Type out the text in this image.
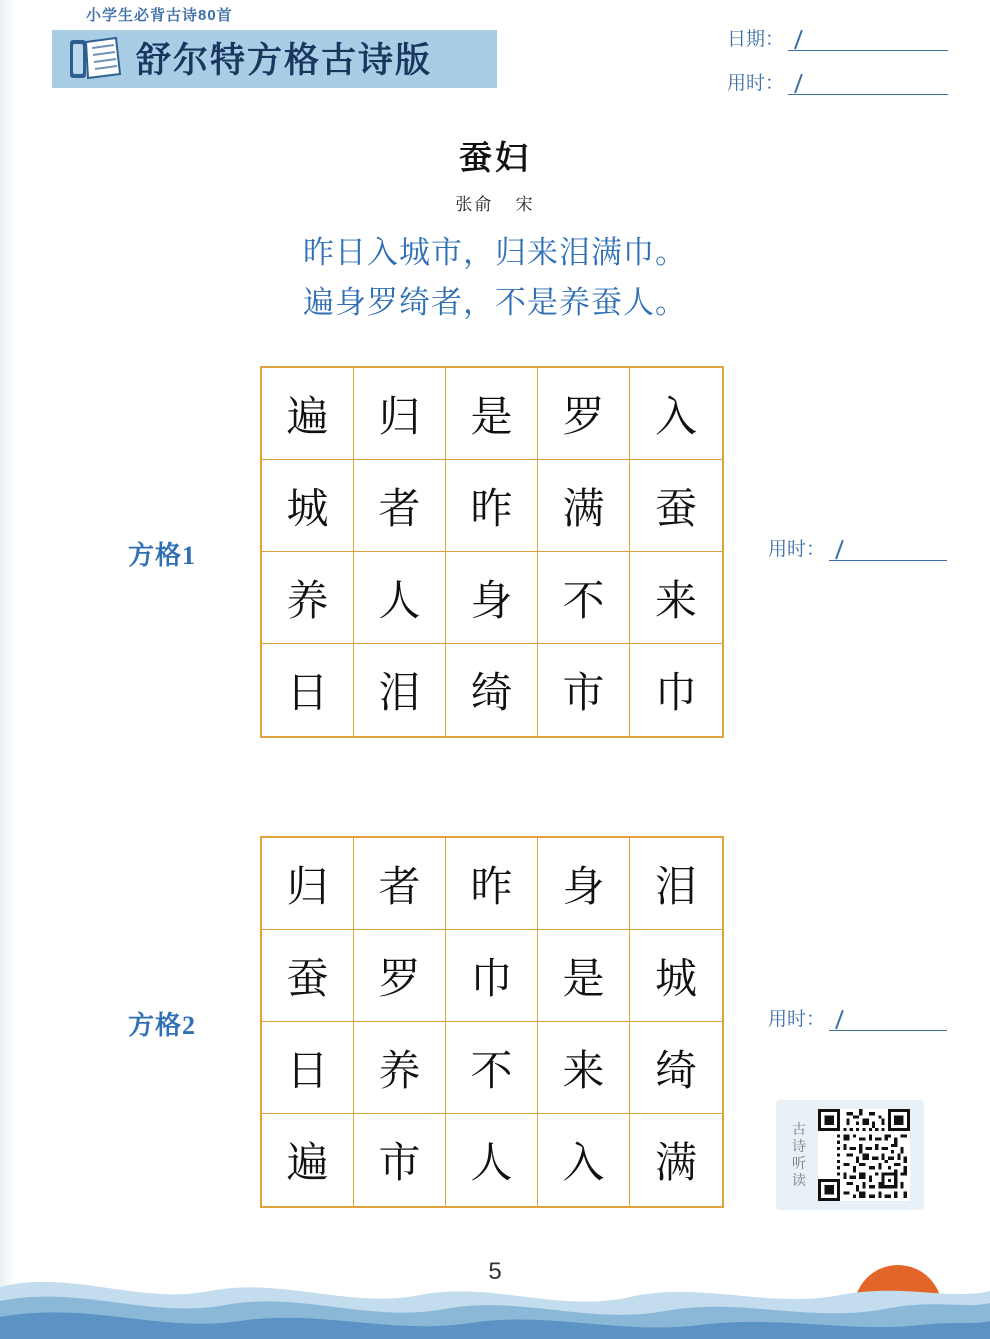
小学生必背古诗80首
舒尔特方格古诗版
日期：
用时：
蚕妇
张俞 宋
昨日入城市，归来泪满巾。
遍身罗绮者，不是养蚕人。
方格1
遍	归	是	罗	入
城	者	昨	满	蚕
养	人	身	不	来
日	泪	绮	市	巾
用时：
方格2
归	者	昨	身	泪
蚕	罗	巾	是	城
日	养	不	来	绮
遍	市	人	入	满
用时：
古
诗
听
读
5
